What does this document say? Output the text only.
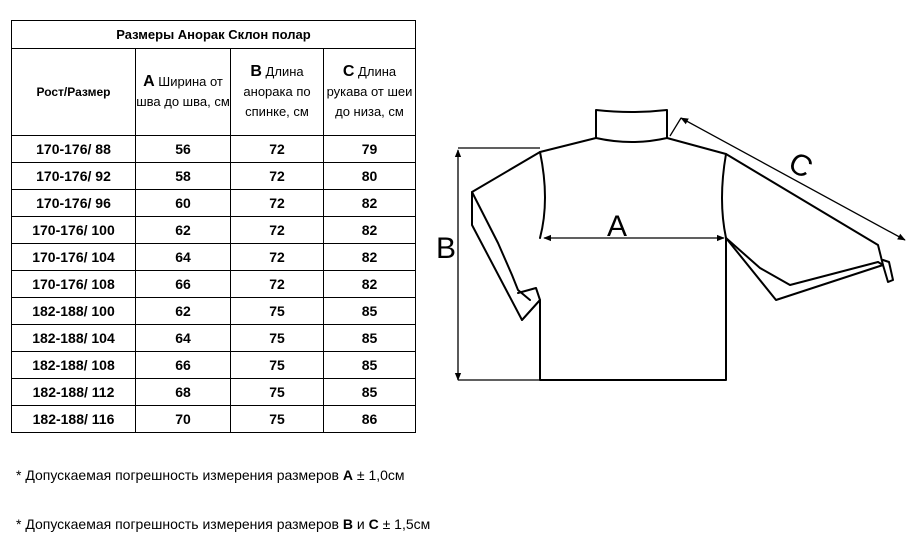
Размеры Анорак Склон полар			
Рост/Размер	А Ширина от шва до шва, см	В Длина анорака по спинке, см	С Длина рукава от шеи до низа, см
170-176/ 88	56	72	79
170-176/ 92	58	72	80
170-176/ 96	60	72	82
170-176/ 100	62	72	82
170-176/ 104	64	72	82
170-176/ 108	66	72	82
182-188/ 100	62	75	85
182-188/ 104	64	75	85
182-188/ 108	66	75	85
182-188/ 112	68	75	85
182-188/ 116	70	75	86
A
B
C
* Допускаемая погрешность измерения размеров А ± 1,0см
* Допускаемая погрешность измерения размеров В и С ± 1,5см
